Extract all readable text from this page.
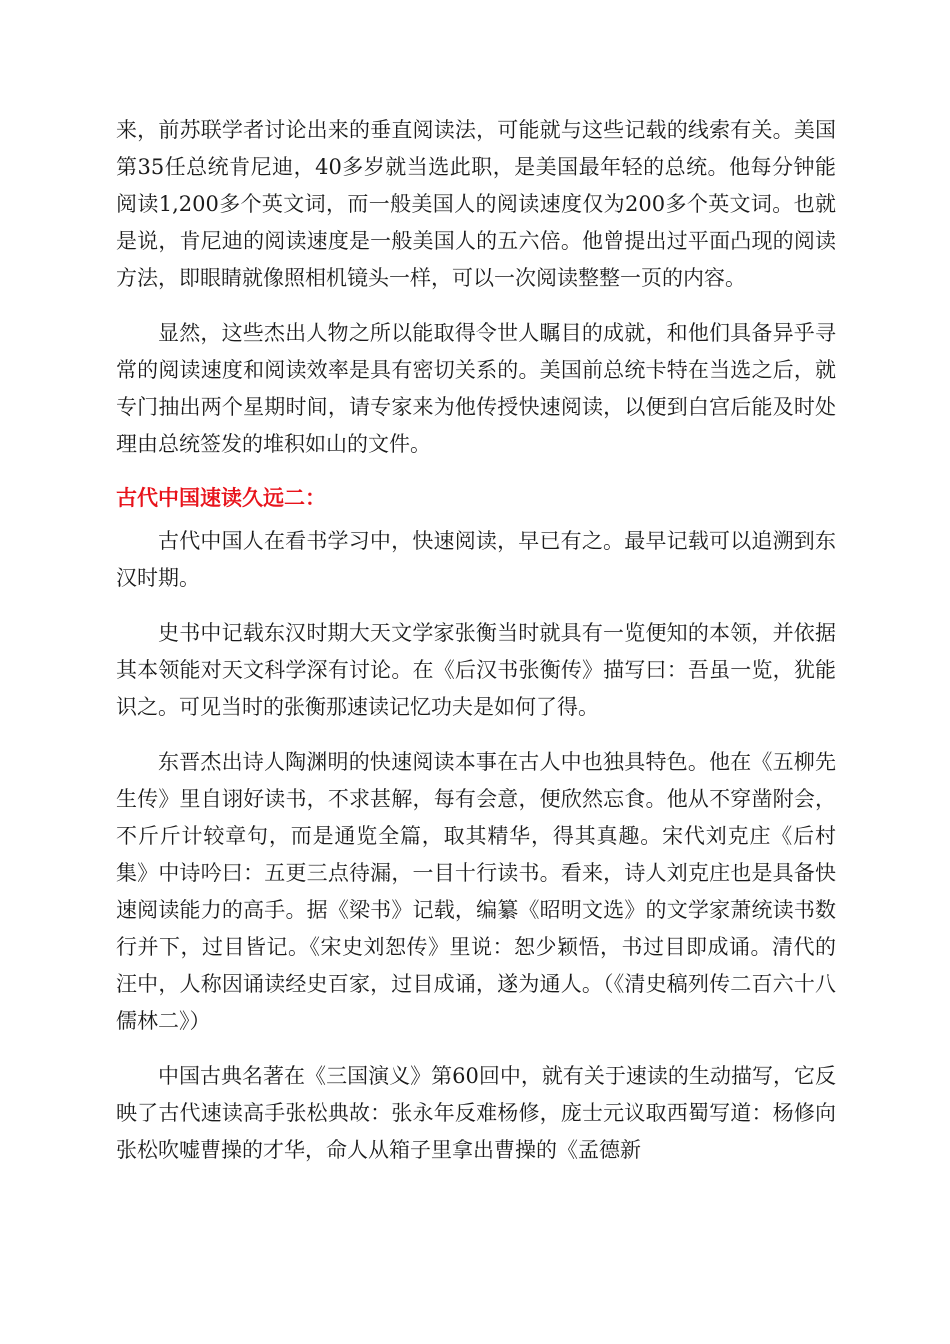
来，前苏联学者讨论出来的垂直阅读法，可能就与这些记载的线索有关。美国第35任总统肯尼迪，40多岁就当选此职，是美国最年轻的总统。他每分钟能阅读1,200多个英文词，而一般美国人的阅读速度仅为200多个英文词。也就是说，肯尼迪的阅读速度是一般美国人的五六倍。他曾提出过平面凸现的阅读方法，即眼睛就像照相机镜头一样，可以一次阅读整整一页的内容。

显然，这些杰出人物之所以能取得令世人瞩目的成就，和他们具备异乎寻常的阅读速度和阅读效率是具有密切关系的。美国前总统卡特在当选之后，就专门抽出两个星期时间，请专家来为他传授快速阅读，以便到白宫后能及时处理由总统签发的堆积如山的文件。

古代中国速读久远二：

古代中国人在看书学习中，快速阅读，早已有之。最早记载可以追溯到东汉时期。

史书中记载东汉时期大天文学家张衡当时就具有一览便知的本领，并依据其本领能对天文科学深有讨论。在《后汉书张衡传》描写曰：吾虽一览，犹能识之。可见当时的张衡那速读记忆功夫是如何了得。

东晋杰出诗人陶渊明的快速阅读本事在古人中也独具特色。他在《五柳先生传》里自诩好读书，不求甚解，每有会意，便欣然忘食。他从不穿凿附会，不斤斤计较章句，而是通览全篇，取其精华，得其真趣。宋代刘克庄《后村集》中诗吟曰：五更三点待漏，一目十行读书。看来，诗人刘克庄也是具备快速阅读能力的高手。据《梁书》记载，编纂《昭明文选》的文学家萧统读书数行并下，过目皆记。《宋史刘恕传》里说：恕少颖悟，书过目即成诵。清代的汪中，人称因诵读经史百家，过目成诵，遂为通人。（《清史稿列传二百六十八儒林二》）

中国古典名著在《三国演义》第60回中，就有关于速读的生动描写，它反映了古代速读高手张松典故：张永年反难杨修，庞士元议取西蜀写道：杨修向张松吹嘘曹操的才华，命人从箱子里拿出曹操的《孟德新
